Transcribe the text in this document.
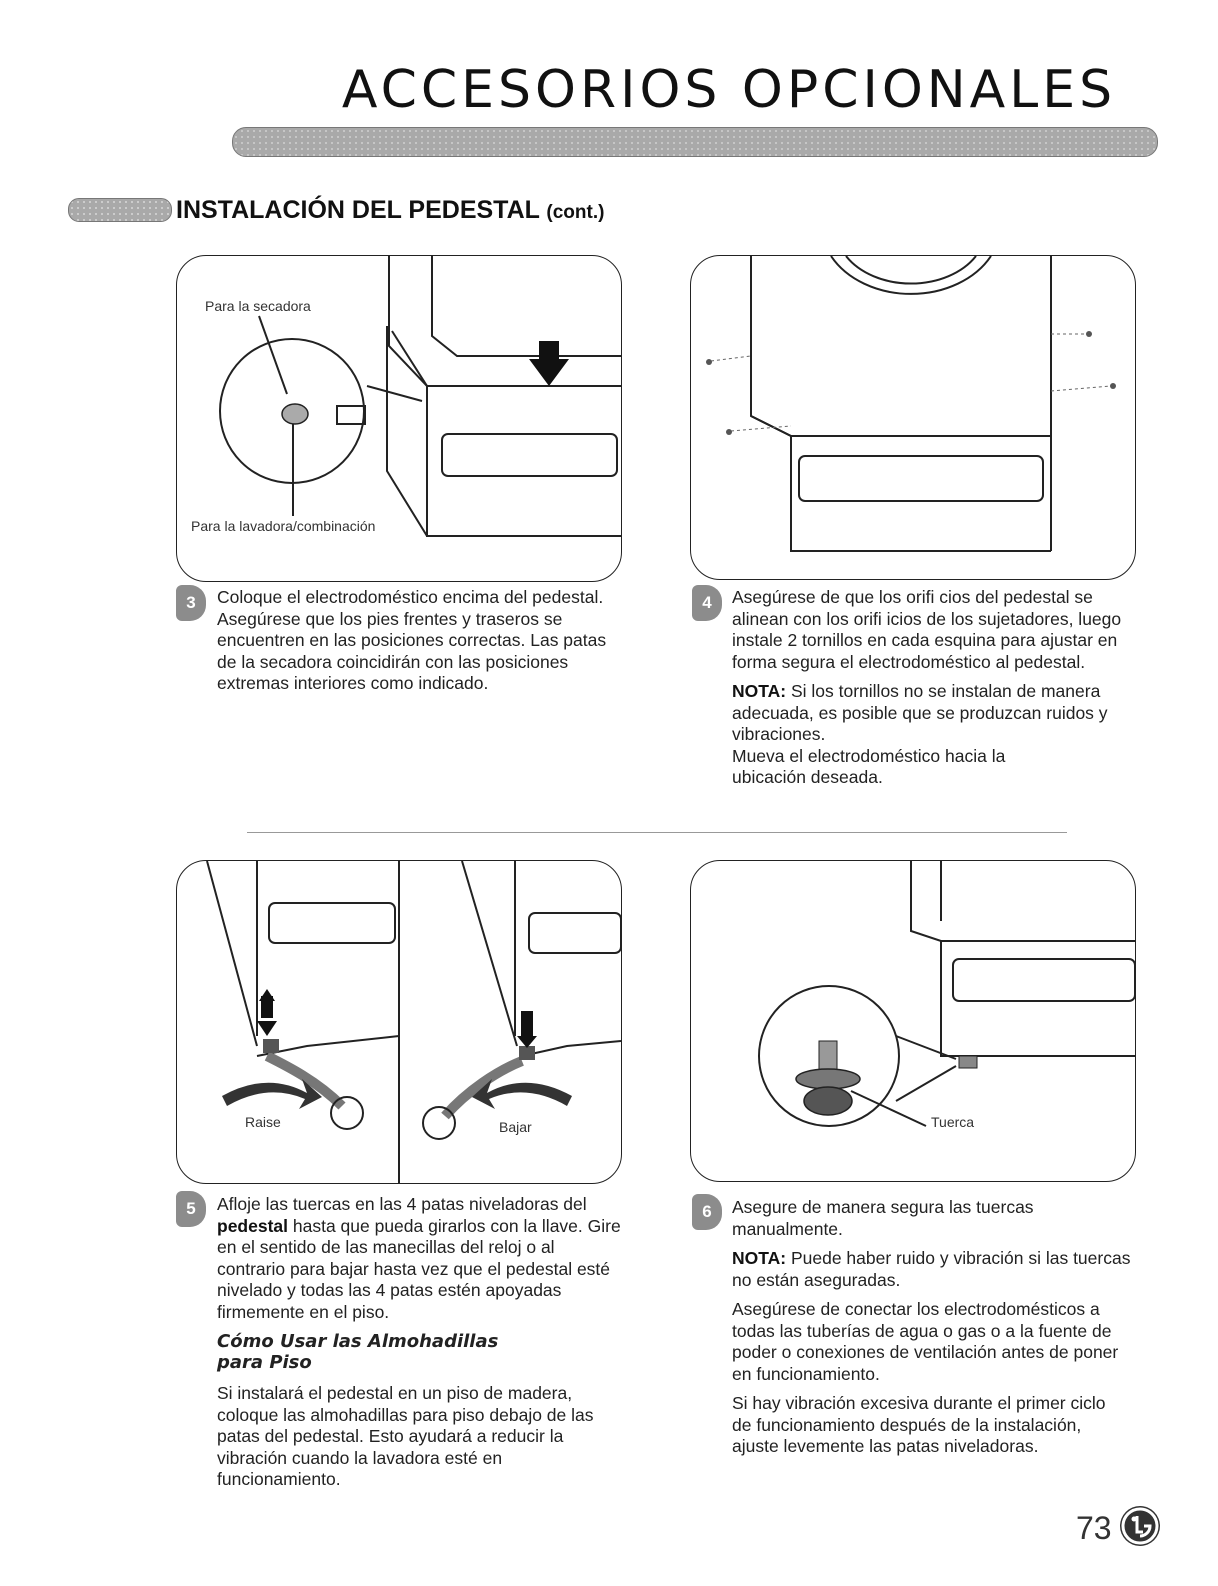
ACCESORIOS OPCIONALES
INSTALACIÓN DEL PEDESTAL (cont.)
Para la secadora
Para la lavadora/combinación
3	Coloque el electrodoméstico encima del pedestal. Asegúrese que los pies frentes y traseros se encuentren en las posiciones correctas. Las patas de la secadora coincidirán con las posiciones extremas interiores como indicado.

4	Asegúrese de que los orifi cios del pedestal se alinean con los orifi icios de los sujetadores, luego instale 2 tornillos en cada esquina para ajustar en forma segura el electrodoméstico al pedestal.

NOTA: Si los tornillos no se instalan de manera adecuada, es posible que se produzcan ruidos y vibraciones.

Mueva el electrodoméstico hacia la ubicación deseada.

Raise	Bajar	Tuerca
5	Afloje las tuercas en las 4 patas niveladoras del pedestal hasta que pueda girarlos con la llave. Gire en el sentido de las manecillas del reloj o al contrario para bajar hasta vez que el pedestal esté nivelado y todas las 4 patas estén apoyadas firmemente en el piso.

Cómo Usar las Almohadillas para Piso

Si instalará el pedestal en un piso de madera, coloque las almohadillas para piso debajo de las patas del pedestal. Esto ayudará a reducir la vibración cuando la lavadora esté en funcionamiento.

6	Asegure de manera segura las tuercas manualmente.

NOTA: Puede haber ruido y vibración si las tuercas no están aseguradas.

Asegúrese de conectar los electrodomésticos a todas las tuberías de agua o gas o a la fuente de poder o conexiones de ventilación antes de poner en funcionamiento.

Si hay vibración excesiva durante el primer ciclo de funcionamiento después de la instalación, ajuste levemente las patas niveladoras.

73
